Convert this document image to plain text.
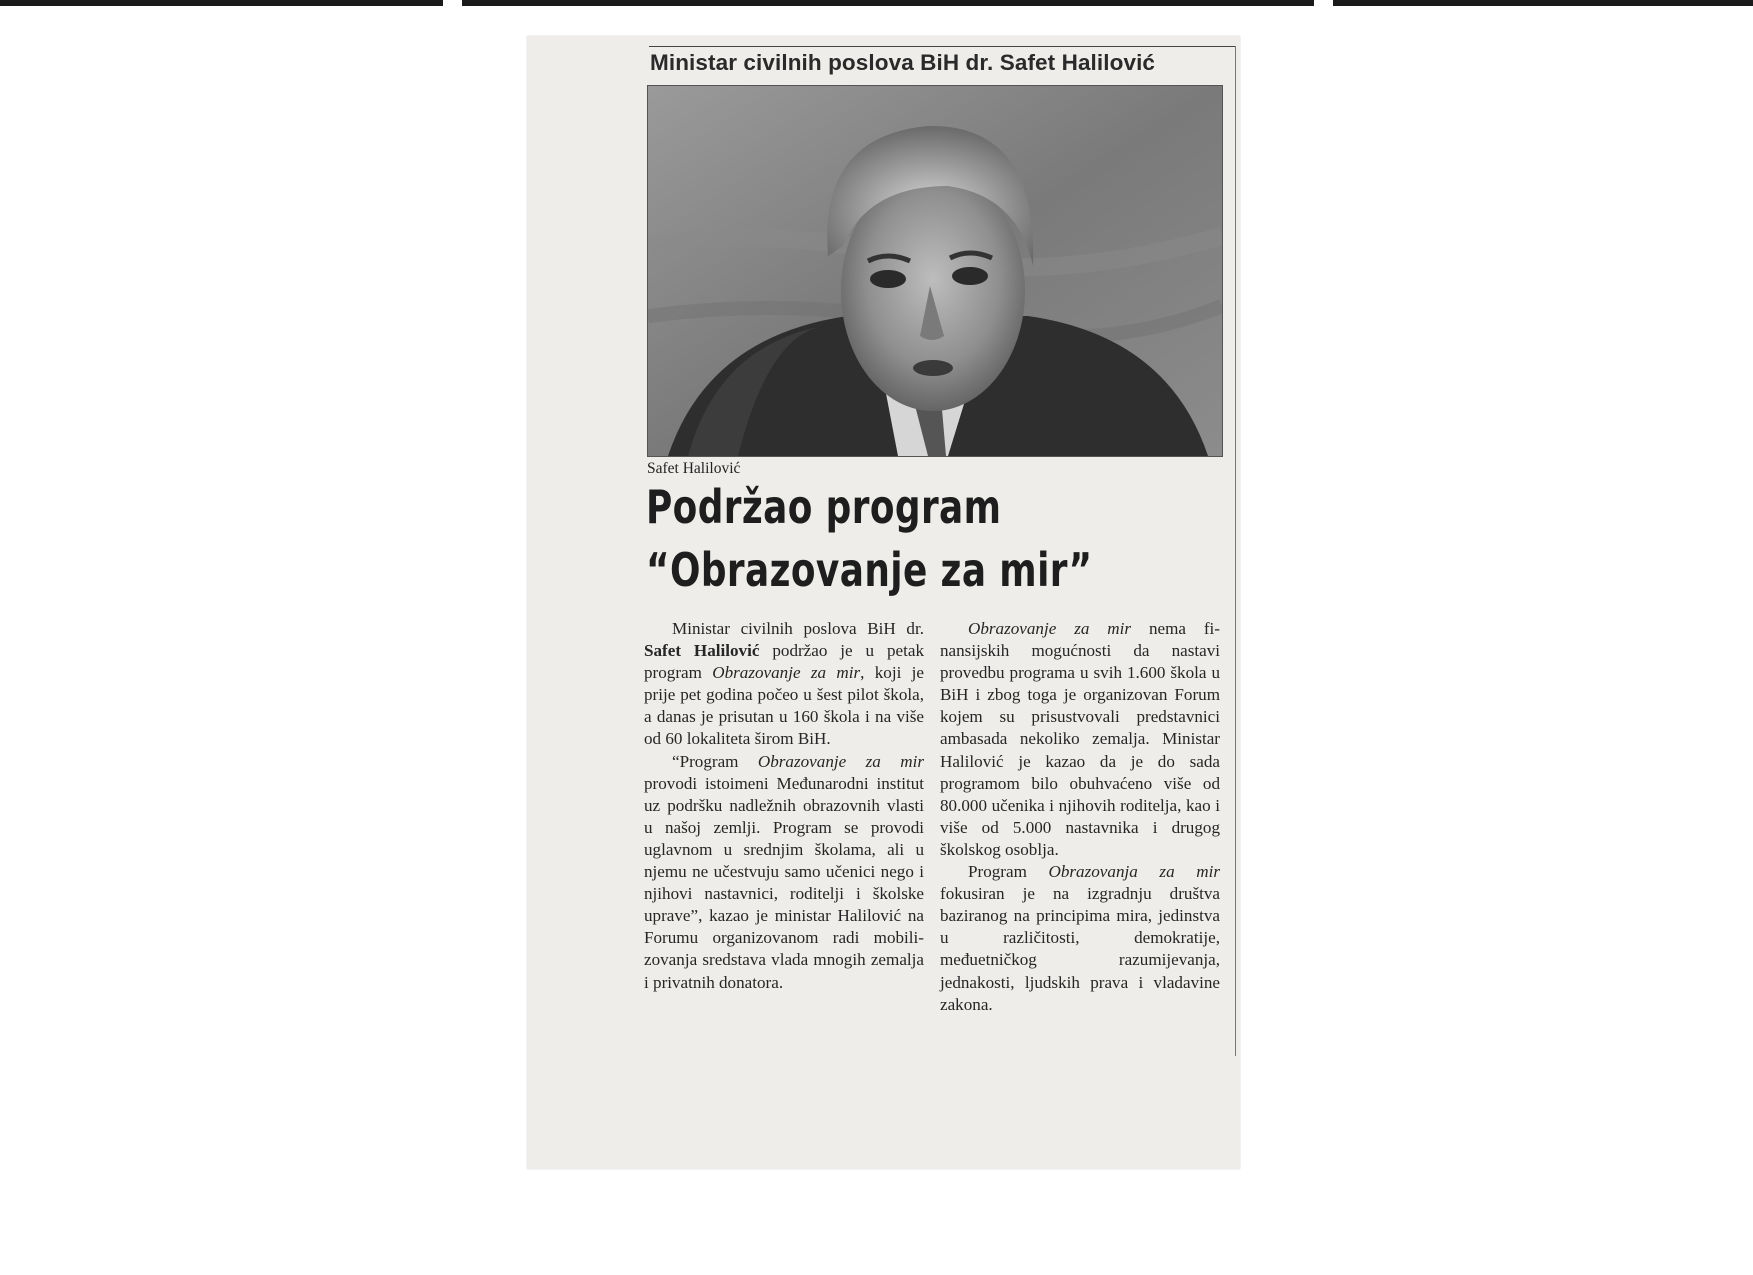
Ministar civilnih poslova BiH dr. Safet Halilović
Safet Halilović
Podržao program
“Obrazovanje za mir”

Ministar civilnih poslova BiH dr. Safet Halilović podržao je u petak program Obrazovanje za mir, koji je prije pet godina počeo u šest pilot škola, a danas je prisutan u 160 škola i na više od 60 lokaliteta širom BiH.

“Program Obrazovanje za mir provodi istoimeni Međunarodni institut uz podršku nadležnih obrazovnih vlasti u našoj zemlji. Program se provodi uglavnom u srednjim školama, ali u njemu ne učestvuju samo učenici nego i njihovi nastavnici, roditelji i školske uprave”, kazao je ministar Halilović na Forumu organizovanom radi mobilizovanja sredstava vlada mnogih zemalja i privatnih donatora.

Obrazovanje za mir nema finansijskih mogućnosti da nastavi provedbu programa u svih 1.600 škola u BiH i zbog toga je organizovan Forum kojem su prisustvovali predstavnici ambasada nekoliko zemalja. Ministar Halilović je kazao da je do sada programom bilo obuhvaćeno više od 80.000 učenika i njihovih roditelja, kao i više od 5.000 nastavnika i drugog školskog osoblja.

Program Obrazovanja za mir fokusiran je na izgradnju društva baziranog na principima mira, jedinstva u različitosti, demokratije, međuetničkog razumijevanja, jednakosti, ljudskih prava i vladavine zakona.
